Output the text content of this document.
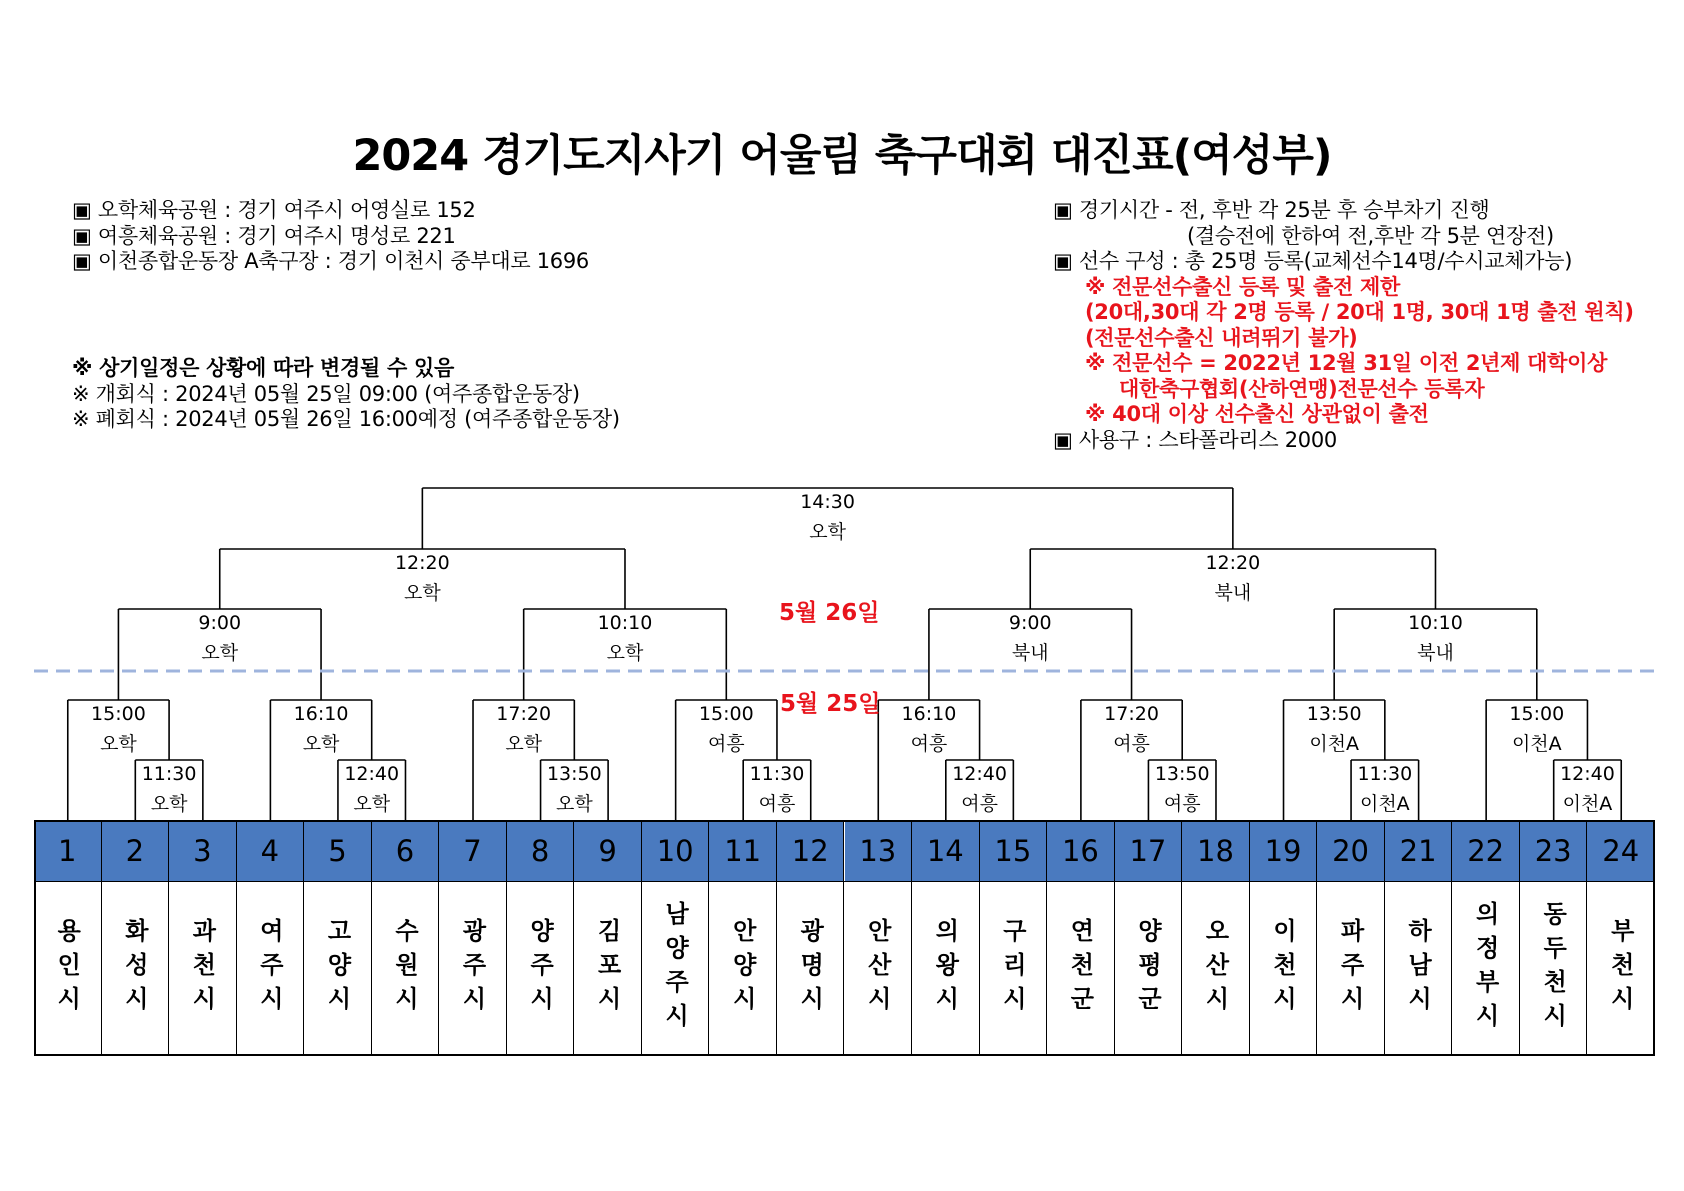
2024 경기도지사기 어울림 축구대회 대진표(여성부)
▣ 오학체육공원 : 경기 여주시 어영실로 152
▣ 여흥체육공원 : 경기 여주시 명성로 221
▣ 이천종합운동장 A축구장 : 경기 이천시 중부대로 1696
※ 상기일정은 상황에 따라 변경될 수 있음
※ 개회식 : 2024년 05월 25일 09:00 (여주종합운동장)
※ 폐회식 : 2024년 05월 26일 16:00예정 (여주종합운동장)
▣ 경기시간 - 전, 후반 각 25분 후 승부차기 진행
(결승전에 한하여 전,후반 각 5분 연장전)
▣ 선수 구성 : 총 25명 등록(교체선수14명/수시교체가능)
※ 전문선수출신 등록 및 출전 제한
(20대,30대 각 2명 등록 / 20대 1명, 30대 1명 출전 원칙)
(전문선수출신 내려뛰기 불가)
※ 전문선수 = 2022년 12월 31일 이전 2년제 대학이상
대한축구협회(산하연맹)전문선수 등록자
※ 40대 이상 선수출신 상관없이 출전
▣ 사용구 : 스타폴라리스 2000
11:30
오학
15:00
오학
12:40
오학
16:10
오학
13:50
오학
17:20
오학
11:30
여흥
15:00
여흥
12:40
여흥
16:10
여흥
13:50
여흥
17:20
여흥
11:30
이천A
13:50
이천A
12:40
이천A
15:00
이천A
9:00
오학
10:10
오학
9:00
북내
10:10
북내
12:20
오학
12:20
북내
14:30
오학
5월 26일
5월 25일
1
용인시
2
화성시
3
과천시
4
여주시
5
고양시
6
수원시
7
광주시
8
양주시
9
김포시
10
남양주시
11
안양시
12
광명시
13
안산시
14
의왕시
15
구리시
16
연천군
17
양평군
18
오산시
19
이천시
20
파주시
21
하남시
22
의정부시
23
동두천시
24
부천시
